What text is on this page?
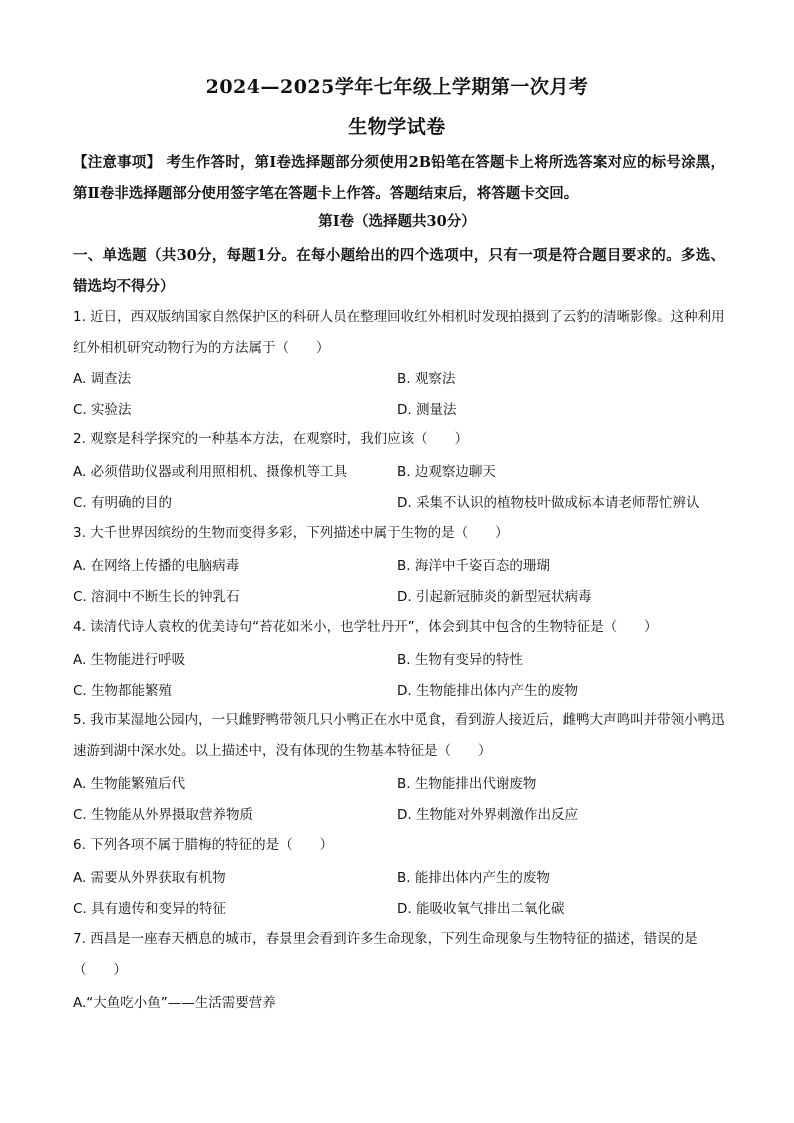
2024—2025学年七年级上学期第一次月考
生物学试卷
【注意事项】 考生作答时，第Ⅰ卷选择题部分须使用2B铅笔在答题卡上将所选答案对应的标号涂黑，第Ⅱ卷非选择题部分使用签字笔在答题卡上作答。答题结束后，将答题卡交回。
第Ⅰ卷（选择题共30分）
一、单选题（共30分，每题1分。在每小题给出的四个选项中，只有一项是符合题目要求的。多选、错选均不得分）
1. 近日，西双版纳国家自然保护区的科研人员在整理回收红外相机时发现拍摄到了云豹的清晰影像。这种利用红外相机研究动物行为的方法属于（　　）
A. 调查法	B. 观察法
C. 实验法	D. 测量法
2. 观察是科学探究的一种基本方法，在观察时，我们应该（　　）
A. 必须借助仪器或利用照相机、摄像机等工具	B. 边观察边聊天
C. 有明确的目的	D. 采集不认识的植物枝叶做成标本请老师帮忙辨认
3. 大千世界因缤纷的生物而变得多彩，下列描述中属于生物的是（　　）
A. 在网络上传播的电脑病毒	B. 海洋中千姿百态的珊瑚
C. 溶洞中不断生长的钟乳石	D. 引起新冠肺炎的新型冠状病毒
4. 读清代诗人袁枚的优美诗句“苔花如米小，也学牡丹开”，体会到其中包含的生物特征是（　　）
A. 生物能进行呼吸	B. 生物有变异的特性
C. 生物都能繁殖	D. 生物能排出体内产生的废物
5. 我市某湿地公园内，一只雌野鸭带领几只小鸭正在水中觅食，看到游人接近后，雌鸭大声鸣叫并带领小鸭迅速游到湖中深水处。以上描述中，没有体现的生物基本特征是（　　）
A. 生物能繁殖后代	B. 生物能排出代谢废物
C. 生物能从外界摄取营养物质	D. 生物能对外界刺激作出反应
6. 下列各项不属于腊梅的特征的是（　　）
A. 需要从外界获取有机物	B. 能排出体内产生的废物
C. 具有遗传和变异的特征	D. 能吸收氧气排出二氧化碳
7. 西昌是一座春天栖息的城市，春景里会看到许多生命现象，下列生命现象与生物特征的描述，错误的是（　　）
A.“大鱼吃小鱼”——生活需要营养
